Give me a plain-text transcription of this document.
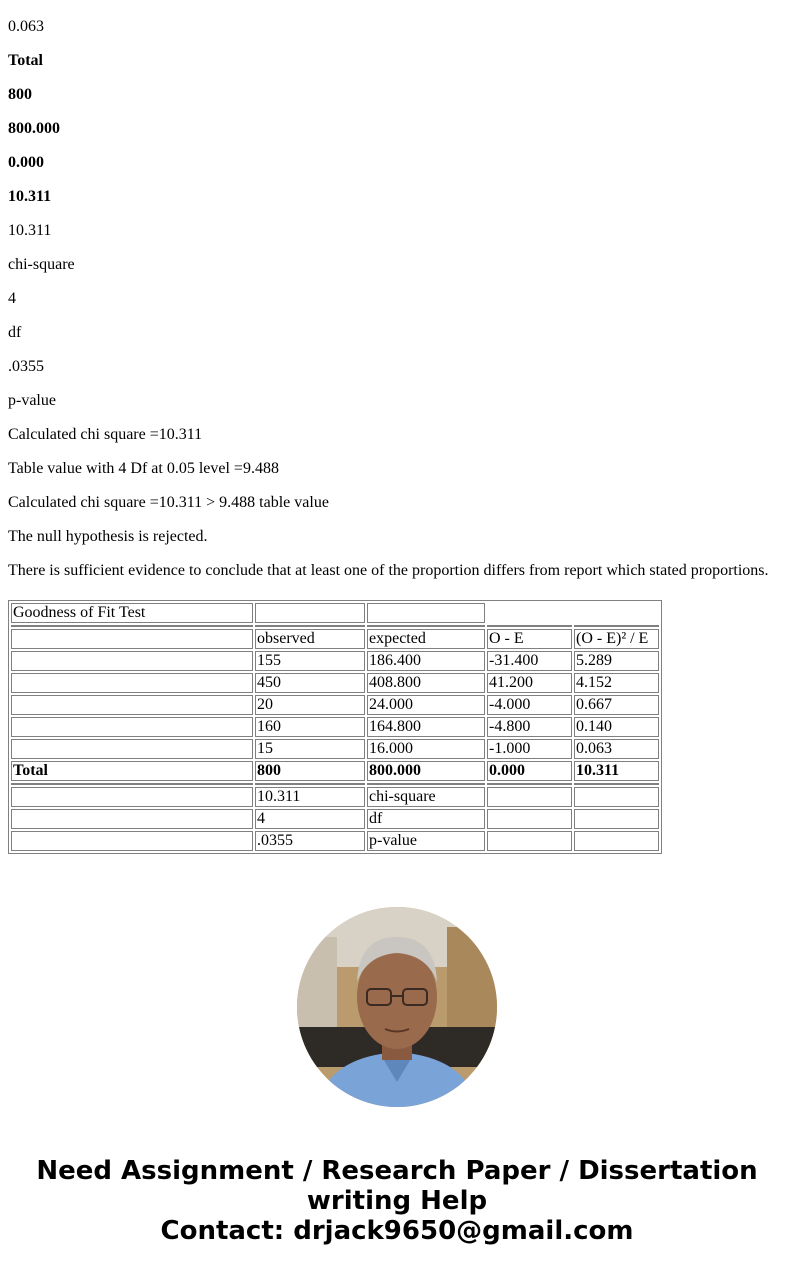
0.063
Total
800
800.000
0.000
10.311
10.311
chi-square
4
df
.0355
p-value
Calculated chi square =10.311
Table value with 4 Df at 0.05 level =9.488
Calculated chi square =10.311 > 9.488 table value
The null hypothesis is rejected.
There is sufficient evidence to conclude that at least one of the proportion differs from report which stated proportions.
Goodness of Fit Test				

	observed	expected	O - E	(O - E)² / E
	155	186.400	-31.400	5.289
	450	408.800	41.200	4.152
	20	24.000	-4.000	0.667
	160	164.800	-4.800	0.140
	15	16.000	-1.000	0.063
Total	800	800.000	0.000	10.311

	10.311	chi-square		
	4	df		
	.0355	p-value		
Need Assignment / Research Paper / Dissertation
writing Help
Contact: drjack9650@gmail.com
